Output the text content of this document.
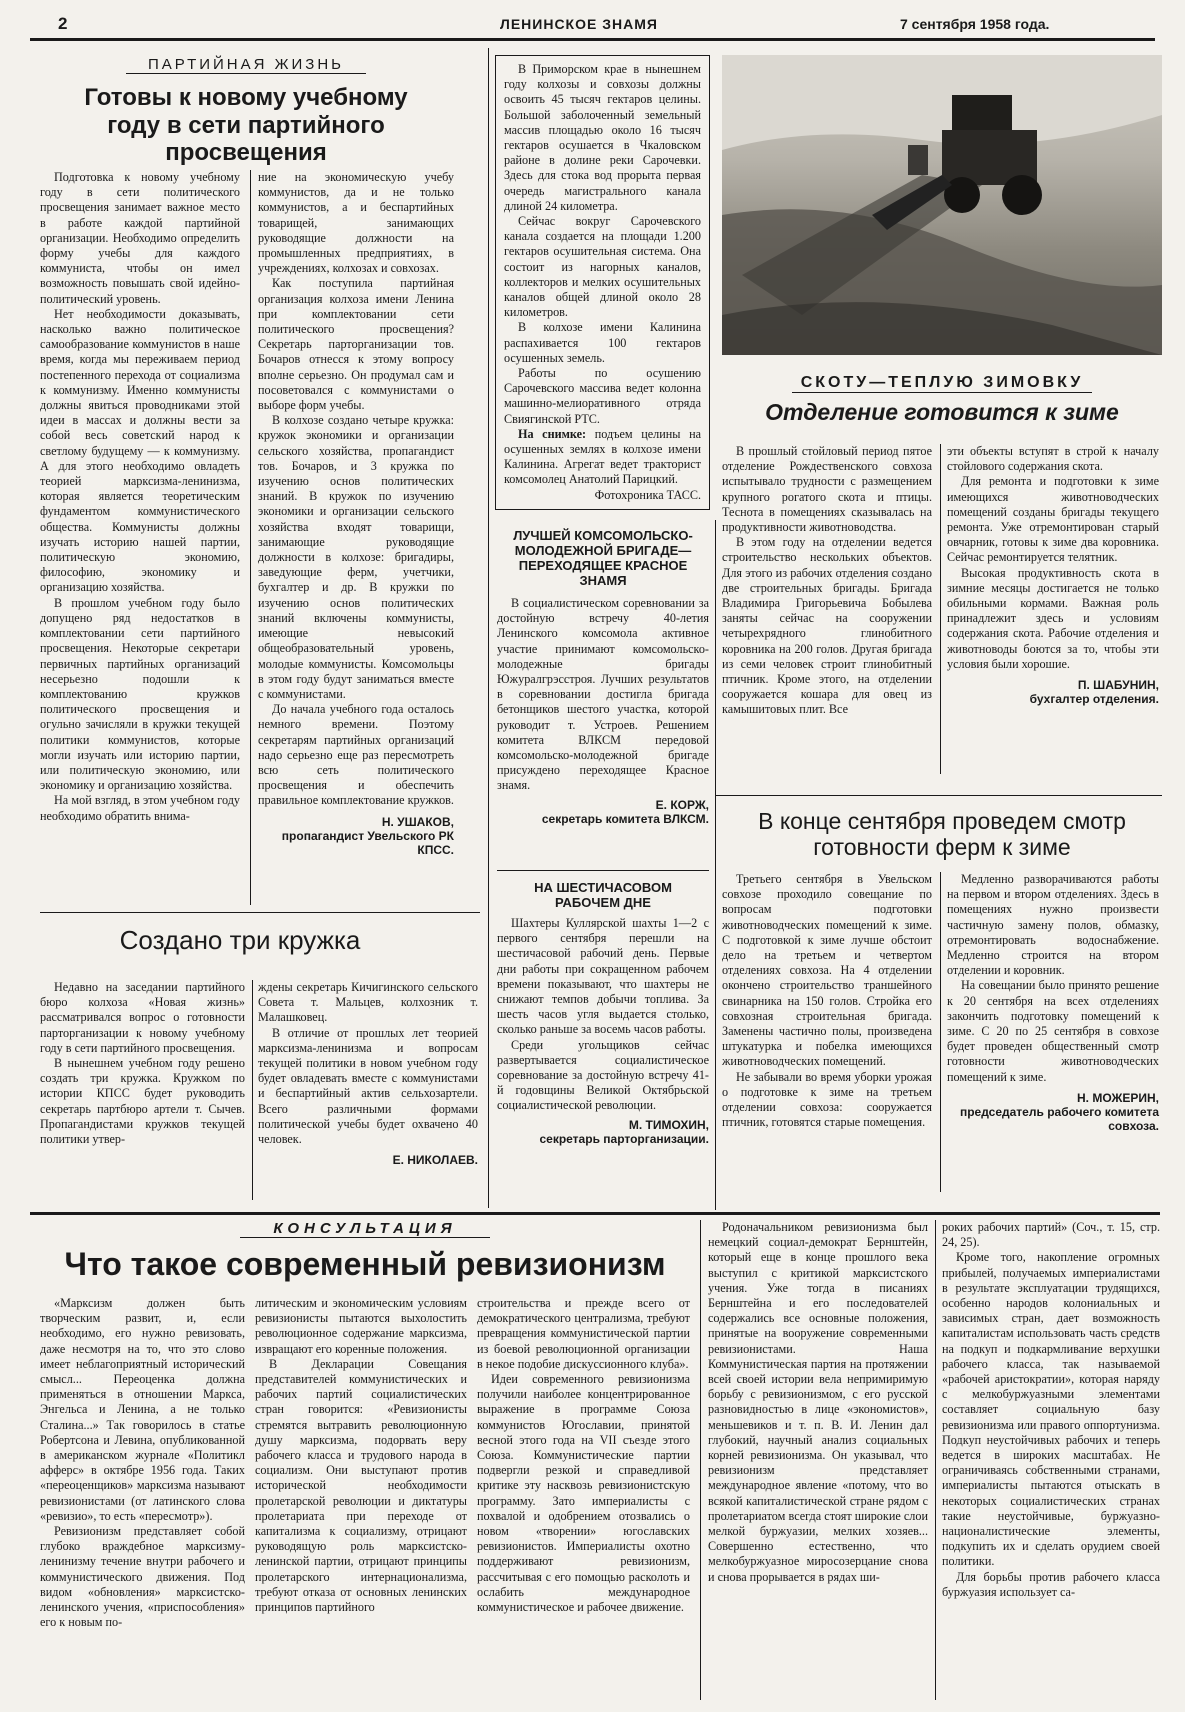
2	ЛЕНИНСКОЕ ЗНАМЯ	7 сентября 1958 года.
ПАРТИЙНАЯ ЖИЗНЬ
Готовы к новому учебному году в сети партийного просвещения

Подготовка к новому учебному году в сети политического просвещения занимает важное место в работе каждой партийной организации. Необходимо определить форму учебы для каждого коммуниста, чтобы он имел возможность повышать свой идейно-политический уровень.

Нет необходимости доказывать, насколько важно политическое самообразование коммунистов в наше время, когда мы переживаем период постепенного перехода от социализма к коммунизму. Именно коммунисты должны явиться проводниками этой идеи в массах и должны вести за собой весь советский народ к светлому будущему — к коммунизму. А для этого необходимо овладеть теорией марксизма-ленинизма, которая является теоретическим фундаментом коммунистического общества. Коммунисты должны изучать историю нашей партии, политическую экономию, философию, экономику и организацию хозяйства.

В прошлом учебном году было допущено ряд недостатков в комплектовании сети партийного просвещения. Некоторые секретари первичных партийных организаций несерьезно подошли к комплектованию кружков политического просвещения и огульно зачисляли в кружки текущей политики коммунистов, которые могли изучать или историю партии, или политическую экономию, или экономику и организацию хозяйства.

На мой взгляд, в этом учебном году необходимо обратить внима-

ние на экономическую учебу коммунистов, да и не только коммунистов, а и беспартийных товарищей, занимающих руководящие должности на промышленных предприятиях, в учреждениях, колхозах и совхозах.

Как поступила партийная организация колхоза имени Ленина при комплектовании сети политического просвещения? Секретарь парторганизации тов. Бочаров отнесся к этому вопросу вполне серьезно. Он продумал сам и посоветовался с коммунистами о выборе форм учебы.

В колхозе создано четыре кружка: кружок экономики и организации сельского хозяйства, пропагандист тов. Бочаров, и 3 кружка по изучению основ политических знаний. В кружок по изучению экономики и организации сельского хозяйства входят товарищи, занимающие руководящие должности в колхозе: бригадиры, заведующие ферм, учетчики, бухгалтер и др. В кружки по изучению основ политических знаний включены коммунисты, имеющие невысокий общеобразовательный уровень, молодые коммунисты. Комсомольцы в этом году будут заниматься вместе с коммунистами.

До начала учебного года осталось немного времени. Поэтому секретарям партийных организаций надо серьезно еще раз пересмотреть всю сеть политического просвещения и обеспечить правильное комплектование кружков.

Н. УШАКОВ,
пропагандист Увельского РК КПСС.

В Приморском крае в нынешнем году колхозы и совхозы должны освоить 45 тысяч гектаров целины. Большой заболоченный земельный массив площадью около 16 тысяч гектаров осушается в Чкаловском районе в долине реки Сарочевки. Здесь для стока вод прорыта первая очередь магистрального канала длиной 24 километра.

Сейчас вокруг Сарочевского канала создается на площади 1.200 гектаров осушительная система. Она состоит из нагорных каналов, коллекторов и мелких осушительных каналов общей длиной около 28 километров.

В колхозе имени Калинина распахивается 100 гектаров осушенных земель.

Работы по осушению Сарочевского массива ведет колонна машинно-мелиоративного отряда Свиягинской РТС.

На снимке: подъем целины на осушенных землях в колхозе имени Калинина. Агрегат ведет тракторист комсомолец Анатолий Парицкий.

Фотохроника ТАСС.
СКОТУ—ТЕПЛУЮ ЗИМОВКУ
Отделение готовится к зиме

В прошлый стойловый период пятое отделение Рождественского совхоза испытывало трудности с размещением крупного рогатого скота и птицы. Теснота в помещениях сказывалась на продуктивности животноводства.

В этом году на отделении ведется строительство нескольких объектов. Для этого из рабочих отделения создано две строительных бригады. Бригада Владимира Григорьевича Бобылева заняты сейчас на сооружении четырехрядного глинобитного коровника на 200 голов. Другая бригада из семи человек строит глинобитный птичник. Кроме этого, на отделении сооружается кошара для овец из камышитовых плит. Все

эти объекты вступят в строй к началу стойлового содержания скота.

Для ремонта и подготовки к зиме имеющихся животноводческих помещений созданы бригады текущего ремонта. Уже отремонтирован старый овчарник, готовы к зиме два коровника. Сейчас ремонтируется телятник.

Высокая продуктивность скота в зимние месяцы достигается не только обильными кормами. Важная роль принадлежит здесь и условиям содержания скота. Рабочие отделения и животноводы боются за то, чтобы эти условия были хорошие.

П. ШАБУНИН,
бухгалтер отделения.
ЛУЧШЕЙ КОМСОМОЛЬСКО-МОЛОДЕЖНОЙ БРИГАДЕ— ПЕРЕХОДЯЩЕЕ КРАСНОЕ ЗНАМЯ

В социалистическом соревновании за достойную встречу 40-летия Ленинского комсомола активное участие принимают комсомольско-молодежные бригады Южуралгрэсстроя. Лучших результатов в соревновании достигла бригада бетонщиков шестого участка, которой руководит т. Устроев. Решением комитета ВЛКСМ передовой комсомольско-молодежной бригаде присуждено переходящее Красное знамя.

Е. КОРЖ,
секретарь комитета ВЛКСМ.
НА ШЕСТИЧАСОВОМ РАБОЧЕМ ДНЕ

Шахтеры Куллярской шахты 1—2 с первого сентября перешли на шестичасовой рабочий день. Первые дни работы при сокращенном рабочем времени показывают, что шахтеры не снижают темпов добычи топлива. За шесть часов угля выдается столько, сколько раньше за восемь часов работы.

Среди угольщиков сейчас развертывается социалистическое соревнование за достойную встречу 41-й годовщины Великой Октябрьской социалистической революции.

М. ТИМОХИН,
секретарь парторганизации.
Создано три кружка

Недавно на заседании партийного бюро колхоза «Новая жизнь» рассматривался вопрос о готовности парторганизации к новому учебному году в сети партийного просвещения.

В нынешнем учебном году решено создать три кружка. Кружком по истории КПСС будет руководить секретарь партбюро артели т. Сычев. Пропагандистами кружков текущей политики утвер-

ждены секретарь Кичигинского сельского Совета т. Мальцев, колхозник т. Малашковец.

В отличие от прошлых лет теорией марксизма-ленинизма и вопросам текущей политики в новом учебном году будет овладевать вместе с коммунистами и беспартийный актив сельхозартели. Всего различными формами политической учебы будет охвачено 40 человек.

Е. НИКОЛАЕВ.
В конце сентября проведем смотр готовности ферм к зиме

Третьего сентября в Увельском совхозе проходило совещание по вопросам подготовки животноводческих помещений к зиме. С подготовкой к зиме лучше обстоит дело на третьем и четвертом отделениях совхоза. На 4 отделении окончено строительство траншейного свинарника на 150 голов. Стройка его совхозная строительная бригада. Заменены частично полы, произведена штукатурка и побелка имеющихся животноводческих помещений.

Не забывали во время уборки урожая о подготовке к зиме на третьем отделении совхоза: сооружается птичник, готовятся старые помещения.

Медленно разворачиваются работы на первом и втором отделениях. Здесь в помещениях нужно произвести частичную замену полов, обмазку, отремонтировать водоснабжение. Медленно строится на втором отделении и коровник.

На совещании было принято решение к 20 сентября на всех отделениях закончить подготовку помещений к зиме. С 20 по 25 сентября в совхозе будет проведен общественный смотр готовности животноводческих помещений к зиме.

Н. МОЖЕРИН,
председатель рабочего комитета совхоза.
КОНСУЛЬТАЦИЯ
Что такое современный ревизионизм

«Марксизм должен быть творческим развит, и, если необходимо, его нужно ревизовать, даже несмотря на то, что это слово имеет неблагоприятный исторический смысл... Переоценка должна применяться в отношении Маркса, Энгельса и Ленина, а не только Сталина...» Так говорилось в статье Робертсона и Левина, опубликованной в американском журнале «Политикл афферс» в октябре 1956 года. Таких «переоценщиков» марксизма называют ревизионистами (от латинского слова «ревизио», то есть «пересмотр»).

Ревизионизм представляет собой глубоко враждебное марксизму-ленинизму течение внутри рабочего и коммунистического движения. Под видом «обновления» марксистско-ленинского учения, «приспособления» его к новым по-

литическим и экономическим условиям ревизионисты пытаются выхолостить революционное содержание марксизма, извращают его коренные положения.

В Декларации Совещания представителей коммунистических и рабочих партий социалистических стран говорится: «Ревизионисты стремятся вытравить революционную душу марксизма, подорвать веру рабочего класса и трудового народа в социализм. Они выступают против исторической необходимости пролетарской революции и диктатуры пролетариата при переходе от капитализма к социализму, отрицают руководящую роль марксистско-ленинской партии, отрицают принципы пролетарского интернационализма, требуют отказа от основных ленинских принципов партийного

строительства и прежде всего от демократического централизма, требуют превращения коммунистической партии из боевой революционной организации в некое подобие дискуссионного клуба».

Идеи современного ревизионизма получили наиболее концентрированное выражение в программе Союза коммунистов Югославии, принятой весной этого года на VII съезде этого Союза. Коммунистические партии подвергли резкой и справедливой критике эту насквозь ревизионистскую программу. Зато империалисты с похвалой и одобрением отозвались о новом «творении» югославских ревизионистов. Империалисты охотно поддерживают ревизионизм, рассчитывая с его помощью расколоть и ослабить международное коммунистическое и рабочее движение.

Родоначальником ревизионизма был немецкий социал-демократ Бернштейн, который еще в конце прошлого века выступил с критикой марксистского учения. Уже тогда в писаниях Бернштейна и его последователей содержались все основные положения, принятые на вооружение современными ревизионистами. Наша Коммунистическая партия на протяжении всей своей истории вела непримиримую борьбу с ревизионизмом, с его русской разновидностью в лице «экономистов», меньшевиков и т. п. В. И. Ленин дал глубокий, научный анализ социальных корней ревизионизма. Он указывал, что ревизионизм представляет международное явление «потому, что во всякой капиталистической стране рядом с пролетариатом всегда стоят широкие слои мелкой буржуазии, мелких хозяев... Совершенно естественно, что мелкобуржуазное миросозерцание снова и снова прорывается в рядах ши-

роких рабочих партий» (Соч., т. 15, стр. 24, 25).

Кроме того, накопление огромных прибылей, получаемых империалистами в результате эксплуатации трудящихся, особенно народов колониальных и зависимых стран, дает возможность капиталистам использовать часть средств на подкуп и подкармливание верхушки рабочего класса, так называемой «рабочей аристократии», которая наряду с мелкобуржуазными элементами составляет социальную базу ревизионизма или правого оппортунизма. Подкуп неустойчивых рабочих и теперь ведется в широких масштабах. Не ограничиваясь собственными странами, империалисты пытаются отыскать в некоторых социалистических странах такие неустойчивые, буржуазно-националистические элементы, подкупить их и сделать орудием своей политики.

Для борьбы против рабочего класса буржуазия использует са-
